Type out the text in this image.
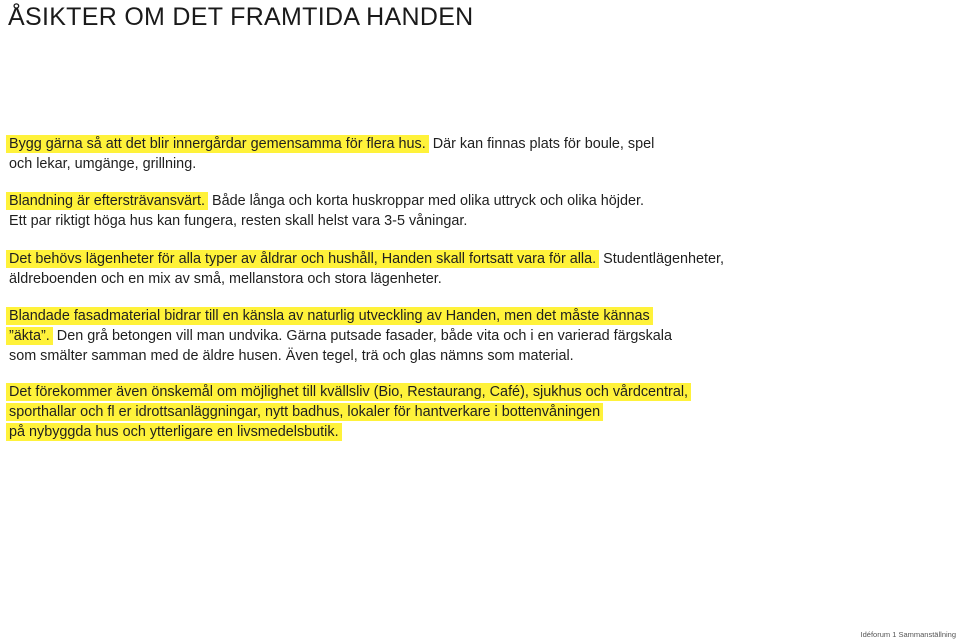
ÅSIKTER OM DET FRAMTIDA HANDEN

Bygg gärna så att det blir innergårdar gemensamma för flera hus. Där kan finnas plats för boule, spel
och lekar, umgänge, grillning.

Blandning är eftersträvansvärt. Både långa och korta huskroppar med olika uttryck och olika höjder.
Ett par riktigt höga hus kan fungera, resten skall helst vara 3-5 våningar.

Det behövs lägenheter för alla typer av åldrar och hushåll, Handen skall fortsatt vara för alla. Studentlägenheter,
äldreboenden och en mix av små, mellanstora och stora lägenheter.

Blandade fasadmaterial bidrar till en känsla av naturlig utveckling av Handen, men det måste kännas
”äkta”. Den grå betongen vill man undvika. Gärna putsade fasader, både vita och i en varierad färgskala
som smälter samman med de äldre husen. Även tegel, trä och glas nämns som material.

Det förekommer även önskemål om möjlighet till kvällsliv (Bio, Restaurang, Café), sjukhus och vårdcentral,
sporthallar och fl er idrottsanläggningar, nytt badhus, lokaler för hantverkare i bottenvåningen
på nybyggda hus och ytterligare en livsmedelsbutik.

Idéforum 1 Sammanställning
